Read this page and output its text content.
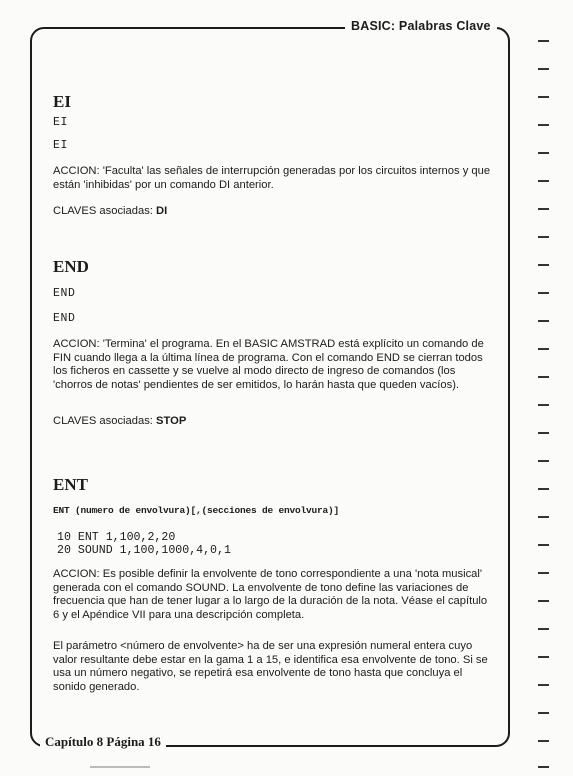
BASIC: Palabras Clave
Capítulo 8 Página 16
EI
EI
EI
ACCION: 'Faculta' las señales de interrupción generadas por los circuitos internos y que están 'inhibidas' por un comando DI anterior.
CLAVES asociadas: DI
END
END
END
ACCION: 'Termina' el programa. En el BASIC AMSTRAD está explícito un comando de FIN cuando llega a la última línea de programa. Con el comando END se cierran todos los ficheros en cassette y se vuelve al modo directo de ingreso de comandos (los 'chorros de notas' pendientes de ser emitidos, lo harán hasta que queden vacíos).
CLAVES asociadas: STOP
ENT
ENT (numero de envolvura)[,(secciones de envolvura)]
10 ENT 1,100,2,20
20 SOUND 1,100,1000,4,0,1
ACCION: Es posible definir la envolvente de tono correspondiente a una 'nota musical' generada con el comando SOUND. La envolvente de tono define las variaciones de frecuencia que han de tener lugar a lo largo de la duración de la nota. Véase el capítulo 6 y el Apéndice VII para una descripción completa.
El parámetro <número de envolvente> ha de ser una expresión numeral entera cuyo valor resultante debe estar en la gama 1 a 15, e identifica esa envolvente de tono. Si se usa un número negativo, se repetirá esa envolvente de tono hasta que concluya el sonido generado.
